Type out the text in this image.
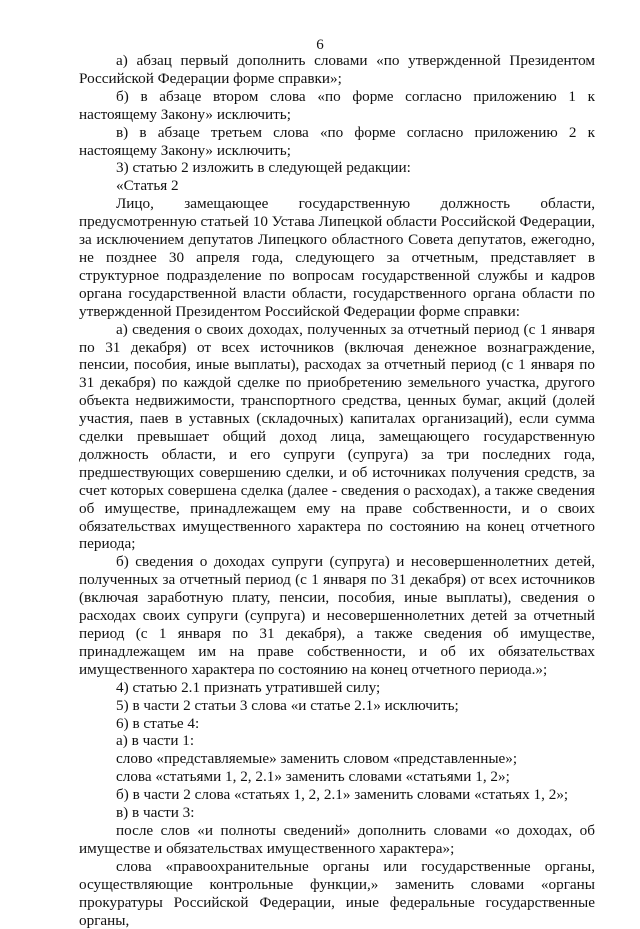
6

а) абзац первый дополнить словами «по утвержденной Президентом Российской Федерации форме справки»;

б) в абзаце втором слова «по форме согласно приложению 1 к настоящему Закону» исключить;

в) в абзаце третьем слова «по форме согласно приложению 2 к настоящему Закону» исключить;

3) статью 2 изложить в следующей редакции:

«Статья 2

Лицо, замещающее государственную должность области, предусмотренную статьей 10 Устава Липецкой области Российской Федерации, за исключением депутатов Липецкого областного Совета депутатов, ежегодно, не позднее 30 апреля года, следующего за отчетным, представляет в структурное подразделение по вопросам государственной службы и кадров органа государственной власти области, государственного органа области по утвержденной Президентом Российской Федерации форме справки:

а) сведения о своих доходах, полученных за отчетный период (с 1 января по 31 декабря) от всех источников (включая денежное вознаграждение, пенсии, пособия, иные выплаты), расходах за отчетный период (с 1 января по 31 декабря) по каждой сделке по приобретению земельного участка, другого объекта недвижимости, транспортного средства, ценных бумаг, акций (долей участия, паев в уставных (складочных) капиталах организаций), если сумма сделки превышает общий доход лица, замещающего государственную должность области, и его супруги (супруга) за три последних года, предшествующих совершению сделки, и об источниках получения средств, за счет которых совершена сделка (далее - сведения о расходах), а также сведения об имуществе, принадлежащем ему на праве собственности, и о своих обязательствах имущественного характера по состоянию на конец отчетного периода;

б) сведения о доходах супруги (супруга) и несовершеннолетних детей, полученных за отчетный период (с 1 января по 31 декабря) от всех источников (включая заработную плату, пенсии, пособия, иные выплаты), сведения о расходах своих супруги (супруга) и несовершеннолетних детей за отчетный период (с 1 января по 31 декабря), а также сведения об имуществе, принадлежащем им на праве собственности, и об их обязательствах имущественного характера по состоянию на конец отчетного периода.»;

4) статью 2.1 признать утратившей силу;

5) в части 2 статьи 3 слова «и статье 2.1» исключить;

6) в статье 4:

а) в части 1:

слово «представляемые» заменить словом «представленные»;

слова «статьями 1, 2, 2.1» заменить словами «статьями 1, 2»;

б) в части 2 слова «статьях 1, 2, 2.1» заменить словами «статьях 1, 2»;

в) в части 3:

после слов «и полноты сведений» дополнить словами «о доходах, об имуществе и обязательствах имущественного характера»;

слова «правоохранительные органы или государственные органы, осуществляющие контрольные функции,» заменить словами «органы прокуратуры Российской Федерации, иные федеральные государственные органы,
